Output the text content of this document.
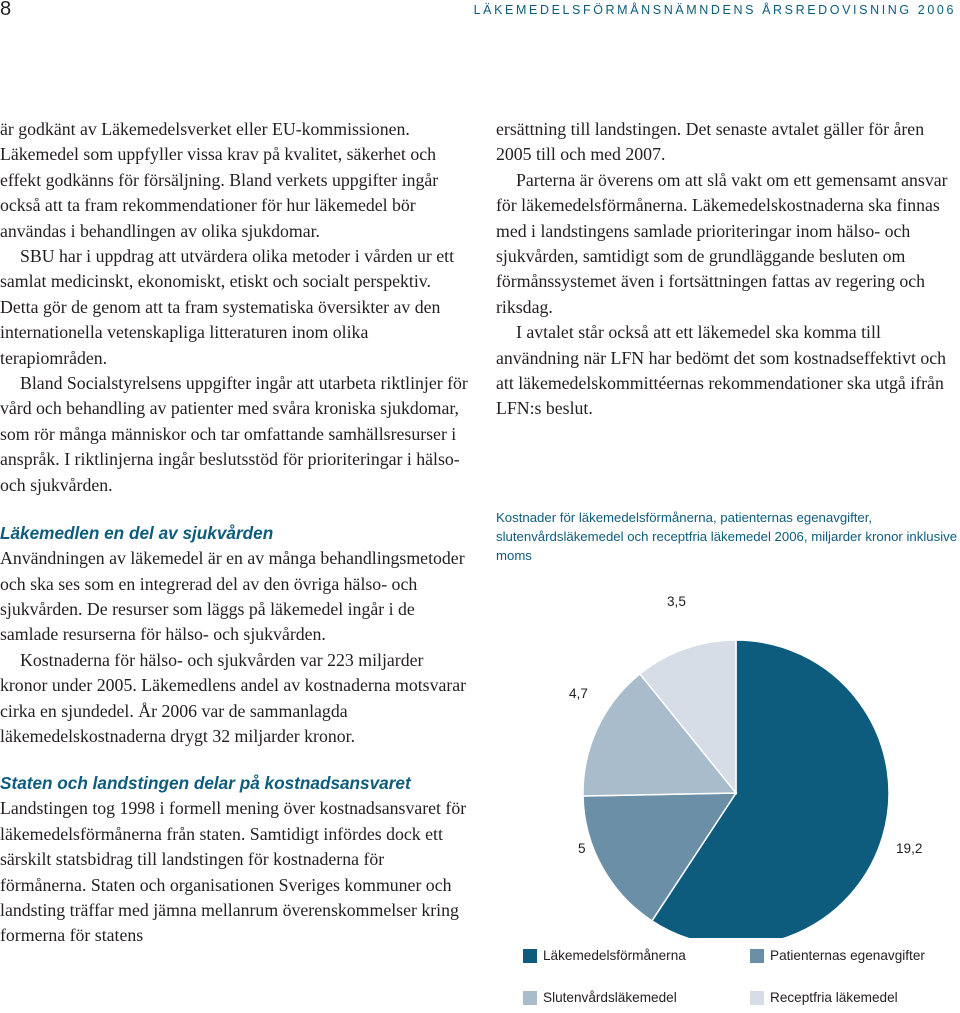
8	LÄKEMEDELSFÖRMÅNSNÄMNDENS ÅRSREDOVISNING 2006

är godkänt av Läkemedelsverket eller EU-kommissionen. Läkemedel som uppfyller vissa krav på kvalitet, säkerhet och effekt godkänns för försäljning. Bland verkets uppgifter ingår också att ta fram rekommendationer för hur läkemedel bör användas i behandlingen av olika sjukdomar.

SBU har i uppdrag att utvärdera olika metoder i vården ur ett samlat medicinskt, ekonomiskt, etiskt och socialt perspektiv. Detta gör de genom att ta fram systematiska översikter av den internationella vetenskapliga litteraturen inom olika terapiområden.

Bland Socialstyrelsens uppgifter ingår att utarbeta riktlinjer för vård och behandling av patienter med svåra kroniska sjukdomar, som rör många människor och tar omfattande samhällsresurser i anspråk. I riktlinjerna ingår beslutsstöd för prioriteringar i hälso- och sjukvården.

Läkemedlen en del av sjukvården

Användningen av läkemedel är en av många behandlingsmetoder och ska ses som en integrerad del av den övriga hälso- och sjukvården. De resurser som läggs på läkemedel ingår i de samlade resurserna för hälso- och sjukvården.

Kostnaderna för hälso- och sjukvården var 223 miljarder kronor under 2005. Läkemedlens andel av kostnaderna motsvarar cirka en sjundedel. År 2006 var de sammanlagda läkemedelskostnaderna drygt 32 miljarder kronor.

Staten och landstingen delar på kostnadsansvaret

Landstingen tog 1998 i formell mening över kostnadsansvaret för läkemedelsförmånerna från staten. Samtidigt infördes dock ett särskilt statsbidrag till landstingen för kostnaderna för förmånerna. Staten och organisationen Sveriges kommuner och landsting träffar med jämna mellanrum överenskommelser kring formerna för statens

ersättning till landstingen. Det senaste avtalet gäller för åren 2005 till och med 2007.

Parterna är överens om att slå vakt om ett gemensamt ansvar för läkemedelsförmånerna. Läkemedelskostnaderna ska finnas med i landstingens samlade prioriteringar inom hälso- och sjukvården, samtidigt som de grundläggande besluten om förmånssystemet även i fortsättningen fattas av regering och riksdag.

I avtalet står också att ett läkemedel ska komma till användning när LFN har bedömt det som kostnadseffektivt och att läkemedelskommittéernas rekommendationer ska utgå ifrån LFN:s beslut.

Kostnader för läkemedelsförmånerna, patienternas egenavgifter, slutenvårdsläkemedel och receptfria läkemedel 2006, miljarder kronor inklusive moms
19,2
5
4,7
3,5
Läkemedelsförmånerna	Patienternas egenavgifter
Slutenvårdsläkemedel	Receptfria läkemedel
